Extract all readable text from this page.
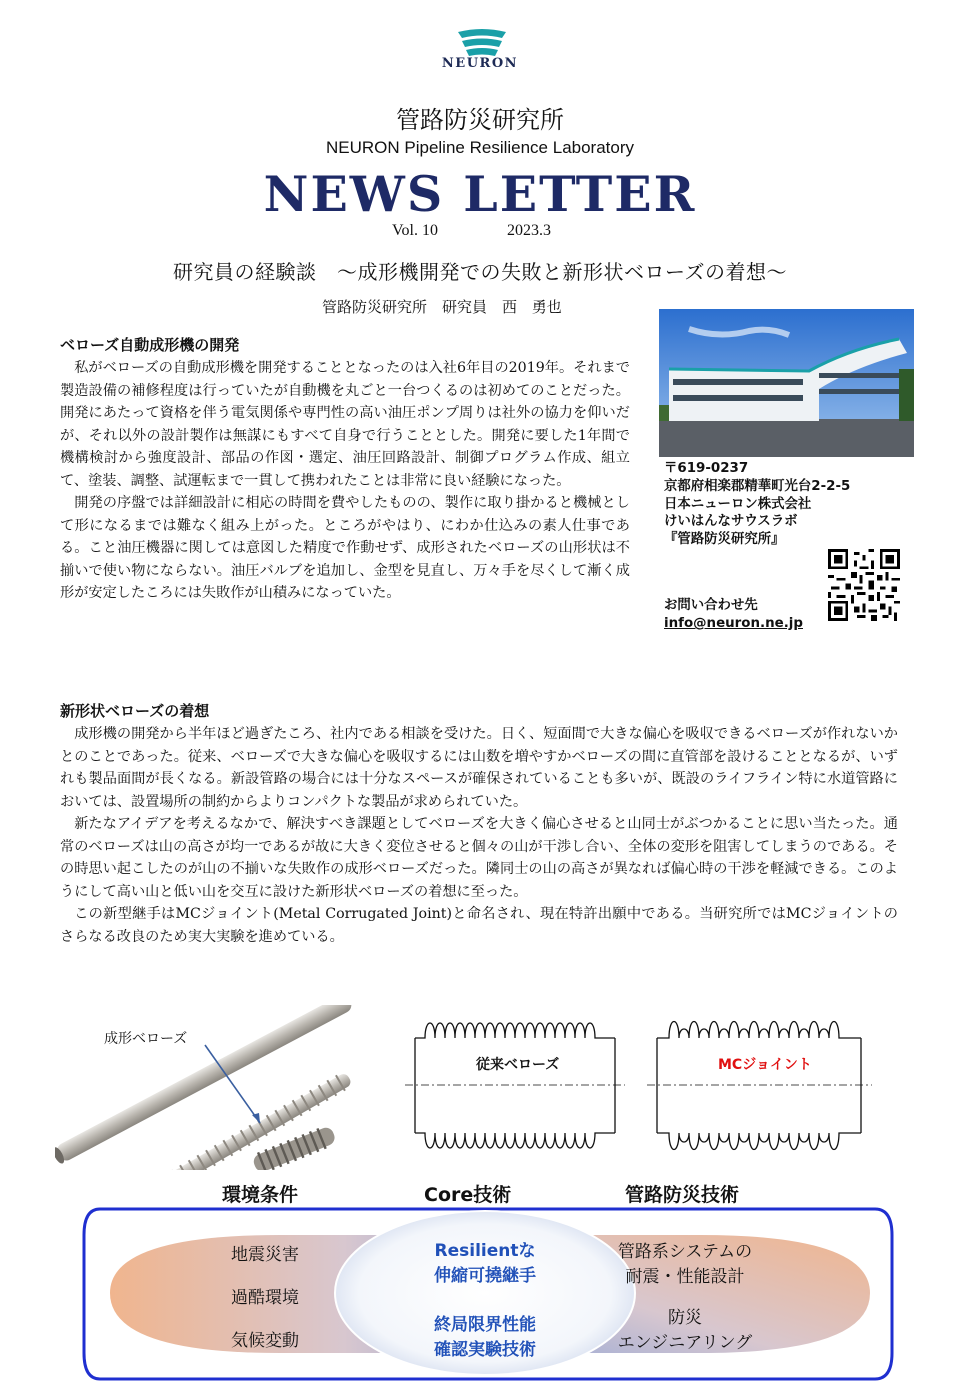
NEURON
管路防災研究所
NEURON Pipeline Resilience Laboratory
NEWS LETTER
Vol. 10	2023.3
研究員の経験談　～成形機開発での失敗と新形状ベローズの着想～
管路防災研究所　研究員　西 勇也
ベローズ自動成形機の開発

私がベローズの自動成形機を開発することとなったのは入社6年目の2019年。それまで製造設備の補修程度は行っていたが自動機を丸ごと一台つくるのは初めてのことだった。開発にあたって資格を伴う電気関係や専門性の高い油圧ポンプ周りは社外の協力を仰いだが、それ以外の設計製作は無謀にもすべて自身で行うこととした。開発に要した1年間で機構検討から強度設計、部品の作図・選定、油圧回路設計、制御プログラム作成、組立て、塗装、調整、試運転まで一貫して携われたことは非常に良い経験になった。

開発の序盤では詳細設計に相応の時間を費やしたものの、製作に取り掛かると機械として形になるまでは難なく組み上がった。ところがやはり、にわか仕込みの素人仕事である。こと油圧機器に関しては意図した精度で作動せず、成形されたベローズの山形状は不揃いで使い物にならない。油圧バルブを追加し、金型を見直し、万々手を尽くして漸く成形が安定したころには失敗作が山積みになっていた。

〒619-0237
京都府相楽郡精華町光台2-2-5
日本ニューロン株式会社
けいはんなサウスラボ
『管路防災研究所』
お問い合わせ先
info@neuron.ne.jp
新形状ベローズの着想

成形機の開発から半年ほど過ぎたころ、社内である相談を受けた。日く、短面間で大きな偏心を吸収できるベローズが作れないかとのことであった。従来、ベローズで大きな偏心を吸収するには山数を増やすかベローズの間に直管部を設けることとなるが、いずれも製品面間が長くなる。新設管路の場合には十分なスペースが確保されていることも多いが、既設のライフライン特に水道管路においては、設置場所の制約からよりコンパクトな製品が求められていた。

新たなアイデアを考えるなかで、解決すべき課題としてベローズを大きく偏心させると山同士がぶつかることに思い当たった。通常のベローズは山の高さが均一であるが故に大きく変位させると個々の山が干渉し合い、全体の変形を阻害してしまうのである。その時思い起こしたのが山の不揃いな失敗作の成形ベローズだった。隣同士の山の高さが異なれば偏心時の干渉を軽減できる。このようにして高い山と低い山を交互に設けた新形状ベローズの着想に至った。

この新型継手はMCジョイント(Metal Corrugated Joint)と命名され、現在特許出願中である。当研究所ではMCジョイントのさらなる改良のため実大実験を進めている。

成形ベローズ
従来ベローズ	MCジョイント
環境条件	Core技術	管路防災技術
地震災害
過酷環境
気候変動
Resilientな
伸縮可撓継手
終局限界性能
確認実験技術
管路系システムの
耐震・性能設計
防災
エンジニアリング
